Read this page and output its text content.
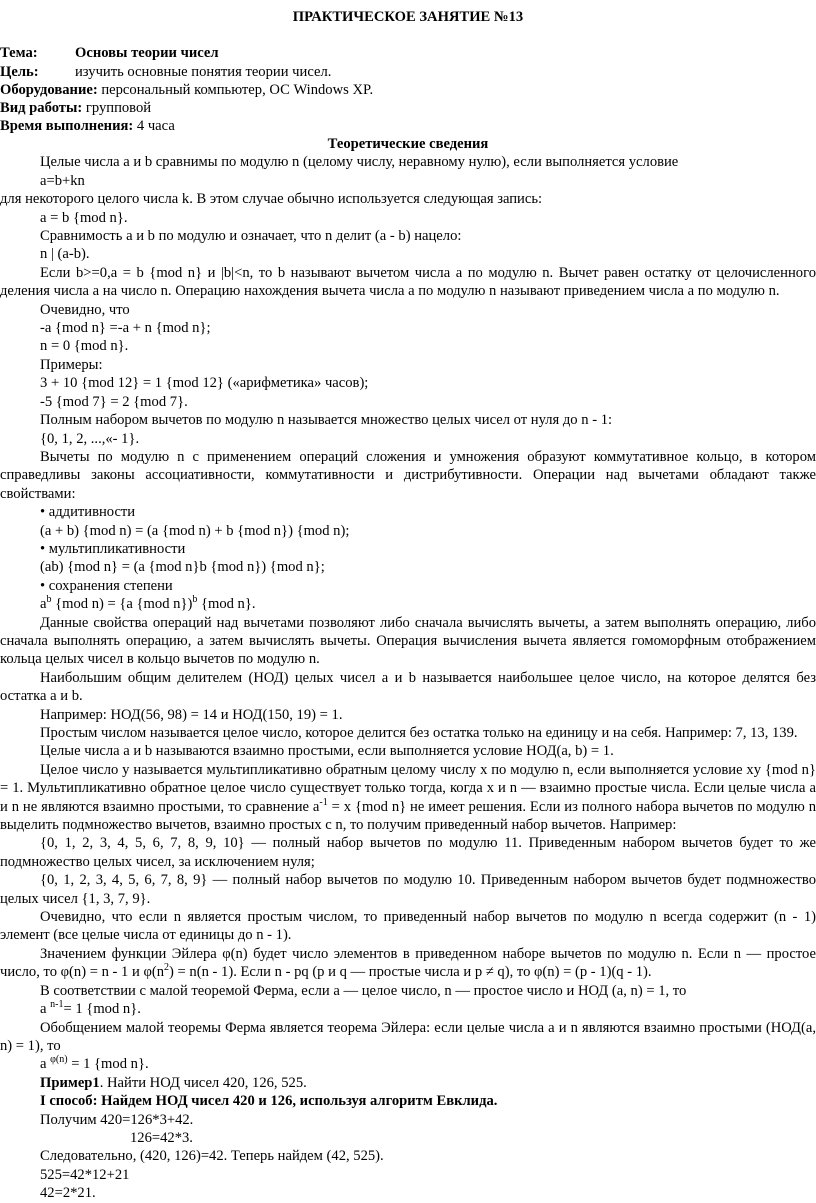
ПРАКТИЧЕСКОЕ ЗАНЯТИЕ №13
Тема:	Основы теории чисел
Цель: изучить основные понятия теории чисел.
Оборудование: персональный компьютер, ОС Windows XP.
Вид работы: групповой
Время выполнения: 4 часа

Теоретические сведения

Целые числа a и b сравнимы по модулю n (целому числу, неравному нулю), если выполняется условие

a=b+kn

для некоторого целого числа k. В этом случае обычно используется следующая запись:

a = b {mod n}.

Сравнимость a и b по модулю и означает, что n делит (a - b) нацело:

n | (a-b).

Если b>=0,a = b {mod n} и |b|<n, то b называют вычетом числа а по модулю n. Вычет равен остатку от целочисленного деления числа a на число n. Операцию нахождения вычета числа a по модулю n называют приведением числа a по модулю n.

Очевидно, что

-a {mod n} =-a + n {mod n};

n = 0 {mod n}.

Примеры:

3 + 10 {mod 12} = 1 {mod 12} («арифметика» часов);

-5 {mod 7} = 2 {mod 7}.

Полным набором вычетов по модулю n называется множество целых чисел от нуля до n - 1:

{0, 1, 2, ...,«- 1}.

Вычеты по модулю n с применением операций сложения и умножения образуют коммутативное кольцо, в котором справедливы законы ассоциативности, коммутативности и дистрибутивности. Операции над вычетами обладают также свойствами:

• аддитивности

(a + b) {mod n) = (a {mod n) + b {mod n}) {mod n);

• мультипликативности

(ab) {mod n} = (a {mod n}b {mod n}) {mod n};

• сохранения степени

$a^b$ {mod n) = {a {mod n})$^b$ {mod n}.

Данные свойства операций над вычетами позволяют либо сначала вычислять вычеты, а затем выполнять операцию, либо сначала выполнять операцию, а затем вычислять вычеты. Операция вычисления вычета является гомоморфным отображением кольца целых чисел в кольцо вычетов по модулю n.

Наибольшим общим делителем (НОД) целых чисел a и b называется наибольшее целое число, на которое делятся без остатка a и b.

Например: НОД(56, 98) = 14 и НОД(150, 19) = 1.

Простым числом называется целое число, которое делится без остатка только на единицу и на себя. Например: 7, 13, 139.

Целые числа a и b называются взаимно простыми, если выполняется условие НОД(a, b) = 1.

Целое число у называется мультипликативно обратным целому числу x по модулю n, если выполняется условие xy {mod n} = 1. Мультипликативно обратное целое число существует только тогда, когда x и n — взаимно простые числа. Если целые числа a и n не являются взаимно простыми, то сравнение $a^{-1} = x$ {mod n} не имеет решения. Если из полного набора вычетов по модулю n выделить подмножество вычетов, взаимно простых с n, то получим приведенный набор вычетов. Например:

{0, 1, 2, 3, 4, 5, 6, 7, 8, 9, 10} — полный набор вычетов по модулю 11. Приведенным набором вычетов будет то же подмножество целых чисел, за исключением нуля;

{0, 1, 2, 3, 4, 5, 6, 7, 8, 9} — полный набор вычетов по модулю 10. Приведенным набором вычетов будет подмножество целых чисел {1, 3, 7, 9}.

Очевидно, что если n является простым числом, то приведенный набор вычетов по модулю n всегда содержит (n - 1) элемент (все целые числа от единицы до n - 1).

Значением функции Эйлера φ(n) будет число элементов в приведенном наборе вычетов по модулю n. Если n — простое число, то φ(n) = n - 1 и $\varphi(n^2) = n(n - 1)$. Если n - pq (p и q — простые числа и p ≠ q), то φ(n) = (p - 1)(q - 1).

В соответствии с малой теоремой Ферма, если a — целое число, n — простое число и НОД (a, n) = 1, то

a $^{n-1}$= 1 {mod n}.

Обобщением малой теоремы Ферма является теорема Эйлера: если целые числа a и n являются взаимно простыми (НОД(a, n) = 1), то

a $^{\varphi(n)}$ = 1 {mod n}.

Пример1. Найти НОД чисел 420, 126, 525.

I способ: Найдем НОД чисел 420 и 126, используя алгоритм Евклида.

Получим 420=126*3+42.

126=42*3.

Следовательно, (420, 126)=42. Теперь найдем (42, 525).

525=42*12+21

42=2*21.
